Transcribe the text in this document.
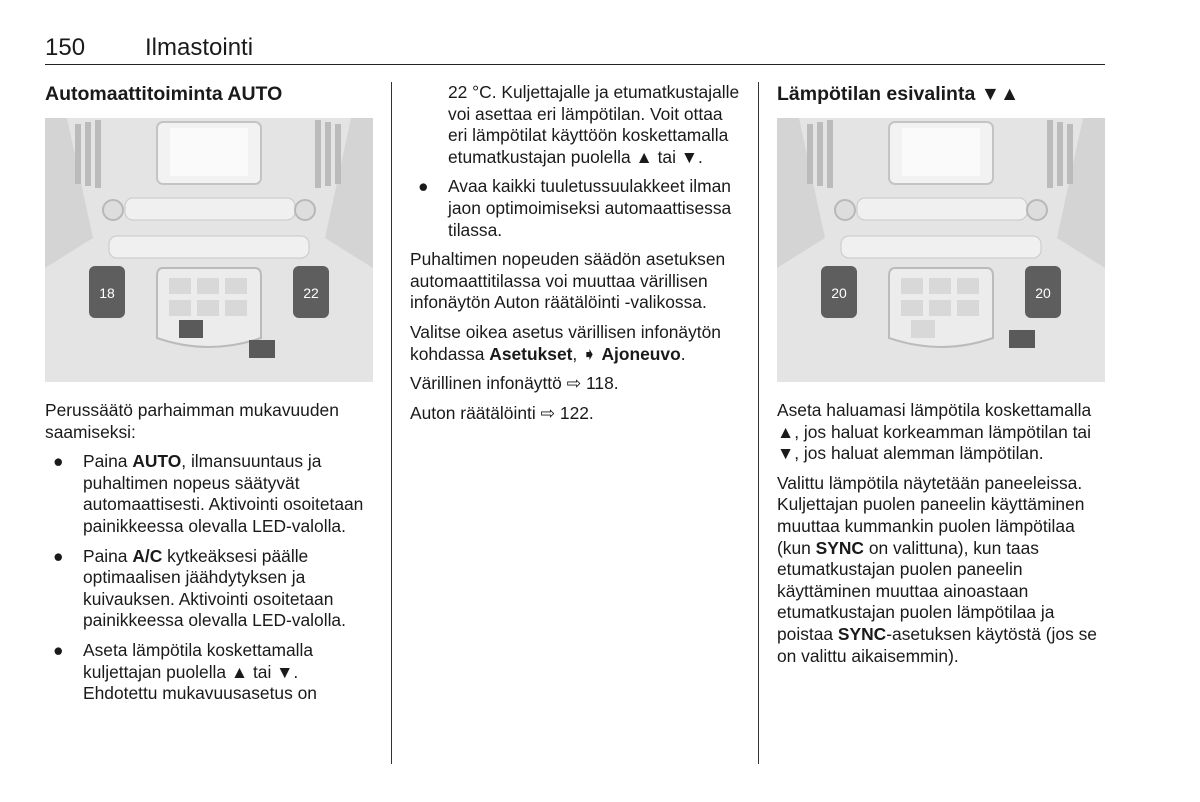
150 Ilmastointi
Automaattitoiminta AUTO
18	22

Perussäätö parhaimman mukavuuden saamiseksi:

● Paina AUTO, ilmansuuntaus ja puhaltimen nopeus säätyvät automaattisesti. Aktivointi osoitetaan painikkeessa olevalla LED-valolla.
● Paina A/C kytkeäksesi päälle optimaalisen jäähdytyksen ja kuivauksen. Aktivointi osoitetaan painikkeessa olevalla LED-valolla.
● Aseta lämpötila koskettamalla kuljettajan puolella ▲ tai ▼. Ehdotettu mukavuusasetus on

22 °C. Kuljettajalle ja etumatkustajalle voi asettaa eri lämpötilan. Voit ottaa eri lämpötilat käyttöön koskettamalla etumatkustajan puolella ▲ tai ▼.

● Avaa kaikki tuuletussuulakkeet ilman jaon optimoimiseksi automaattisessa tilassa.

Puhaltimen nopeuden säädön asetuksen automaattitilassa voi muuttaa värillisen infonäytön Auton räätälöinti -valikossa.

Valitse oikea asetus värillisen infonäytön kohdassa Asetukset, ➧ Ajoneuvo.

Värillinen infonäyttö ⇨ 118.

Auton räätälöinti ⇨ 122.

Lämpötilan esivalinta ▼▲
20	20

Aseta haluamasi lämpötila koskettamalla ▲, jos haluat korkeamman lämpötilan tai ▼, jos haluat alemman lämpötilan.

Valittu lämpötila näytetään paneeleissa. Kuljettajan puolen paneelin käyttäminen muuttaa kummankin puolen lämpötilaa (kun SYNC on valittuna), kun taas etumatkustajan puolen paneelin käyttäminen muuttaa ainoastaan etumatkustajan puolen lämpötilaa ja poistaa SYNC-asetuksen käytöstä (jos se on valittu aikaisemmin).
